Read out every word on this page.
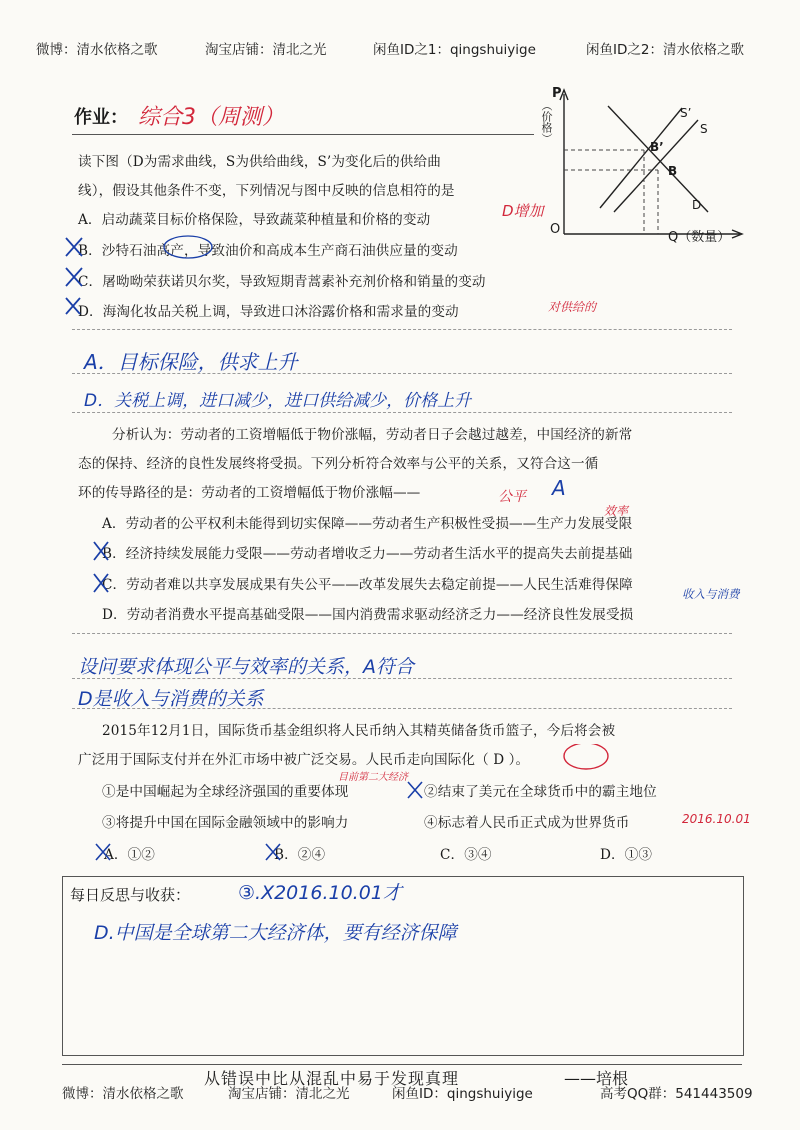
微博：清水依格之歌	淘宝店铺：清北之光	闲鱼ID之1：qingshuiyige	闲鱼ID之2：清水依格之歌
作业： 综合3（周测）
读下图（D为需求曲线，S为供给曲线，S’为变化后的供给曲
线），假设其他条件不变，下列情况与图中反映的信息相符的是
A．启动蔬菜目标价格保险，导致蔬菜种植量和价格的变动	D增加
B．沙特石油高产，导致油价和高成本生产商石油供应量的变动
C．屠呦呦荣获诺贝尔奖，导致短期青蒿素补充剂价格和销量的变动
D．海淘化妆品关税上调，导致进口沐浴露价格和需求量的变动	对供给的
P
（价格）
O
Q（数量）
S’
S
D
B’
B
A．目标保险，供求上升
D．关税上调，进口减少，进口供给减少，价格上升
分析认为：劳动者的工资增幅低于物价涨幅，劳动者日子会越过越差，中国经济的新常
态的保持、经济的良性发展终将受损。下列分析符合效率与公平的关系，又符合这一循
环的传导路径的是：劳动者的工资增幅低于物价涨幅——	公平 A
A．劳动者的公平权利未能得到切实保障——劳动者生产积极性受损——生产力发展受限
效率
B．经济持续发展能力受限——劳动者增收乏力——劳动者生活水平的提高失去前提基础
C．劳动者难以共享发展成果有失公平——改革发展失去稳定前提——人民生活难得保障
收入与消费
D．劳动者消费水平提高基础受限——国内消费需求驱动经济乏力——经济良性发展受损
设问要求体现公平与效率的关系，A符合
D是收入与消费的关系
2015年12月1日，国际货币基金组织将人民币纳入其精英储备货币篮子，今后将会被
广泛用于国际支付并在外汇市场中被广泛交易。人民币走向国际化（ D ）。
①是中国崛起为全球经济强国的重要体现
目前第二大经济
②结束了美元在全球货币中的霸主地位
③将提升中国在国际金融领域中的影响力	④标志着人民币正式成为世界货币	2016.10.01
A．①②	B．②④	C．③④	D．①③
每日反思与收获：	③.X2016.10.01才
D.中国是全球第二大经济体，要有经济保障
从错误中比从混乱中易于发现真理	——培根
微博：清水依格之歌	淘宝店铺：清北之光	闲鱼ID：qingshuiyige	高考QQ群：541443509
